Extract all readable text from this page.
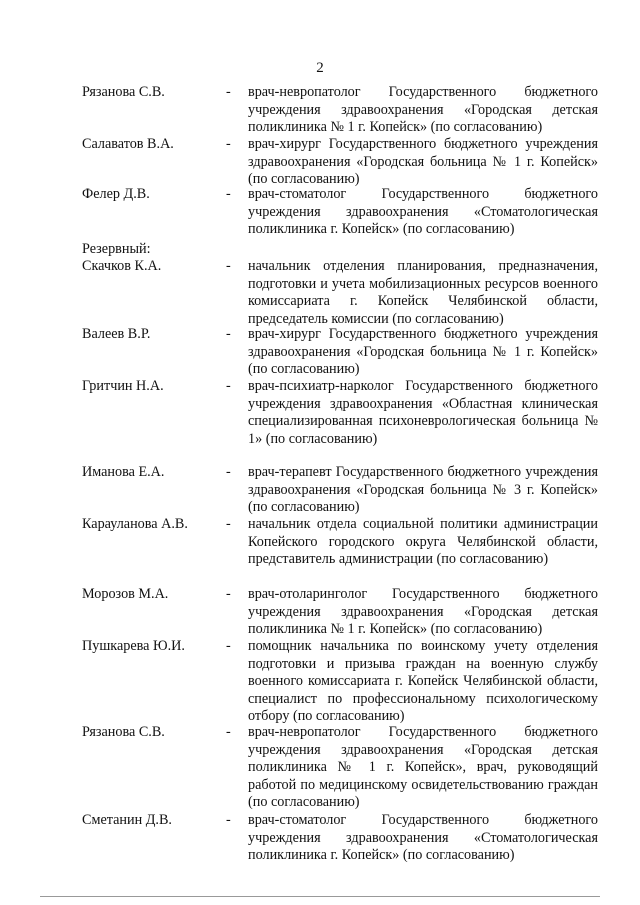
2
Рязанова С.В.	- врач-невропатолог Государственного бюджетного учреждения здравоохранения «Городская детская поликлиника № 1 г. Копейск» (по согласованию)
Салаватов В.А.	- врач-хирург Государственного бюджетного учреждения здравоохранения «Городская больница № 1 г. Копейск» (по согласованию)
Фелер Д.В.	- врач-стоматолог Государственного бюджетного учреждения здравоохранения «Стоматологическая поликлиника г. Копейск» (по согласованию)
Резервный:
Скачков К.А.	- начальник отделения планирования, предназначения, подготовки и учета мобилизационных ресурсов военного комиссариата г. Копейск Челябинской области, председатель комиссии (по согласованию)
Валеев В.Р.	- врач-хирург Государственного бюджетного учреждения здравоохранения «Городская больница № 1 г. Копейск» (по согласованию)
Гритчин Н.А.	- врач-психиатр-нарколог Государственного бюджетного учреждения здравоохранения «Областная клиническая специализированная психоневрологическая больница № 1» (по согласованию)
Иманова Е.А.	- врач-терапевт Государственного бюджетного учреждения здравоохранения «Городская больница № 3 г. Копейск» (по согласованию)
Карауланова А.В.	- начальник отдела социальной политики администрации Копейского городского округа Челябинской области, представитель администрации (по согласованию)
Морозов М.А.	- врач-отоларинголог Государственного бюджетного учреждения здравоохранения «Городская детская поликлиника № 1 г. Копейск» (по согласованию)
Пушкарева Ю.И.	- помощник начальника по воинскому учету отделения подготовки и призыва граждан на военную службу военного комиссариата г. Копейск Челябинской области, специалист по профессиональному психологическому отбору (по согласованию)
Рязанова С.В.	- врач-невропатолог Государственного бюджетного учреждения здравоохранения «Городская детская поликлиника № 1 г. Копейск», врач, руководящий работой по медицинскому освидетельствованию граждан (по согласованию)
Сметанин Д.В.	- врач-стоматолог Государственного бюджетного учреждения здравоохранения «Стоматологическая поликлиника г. Копейск» (по согласованию)
